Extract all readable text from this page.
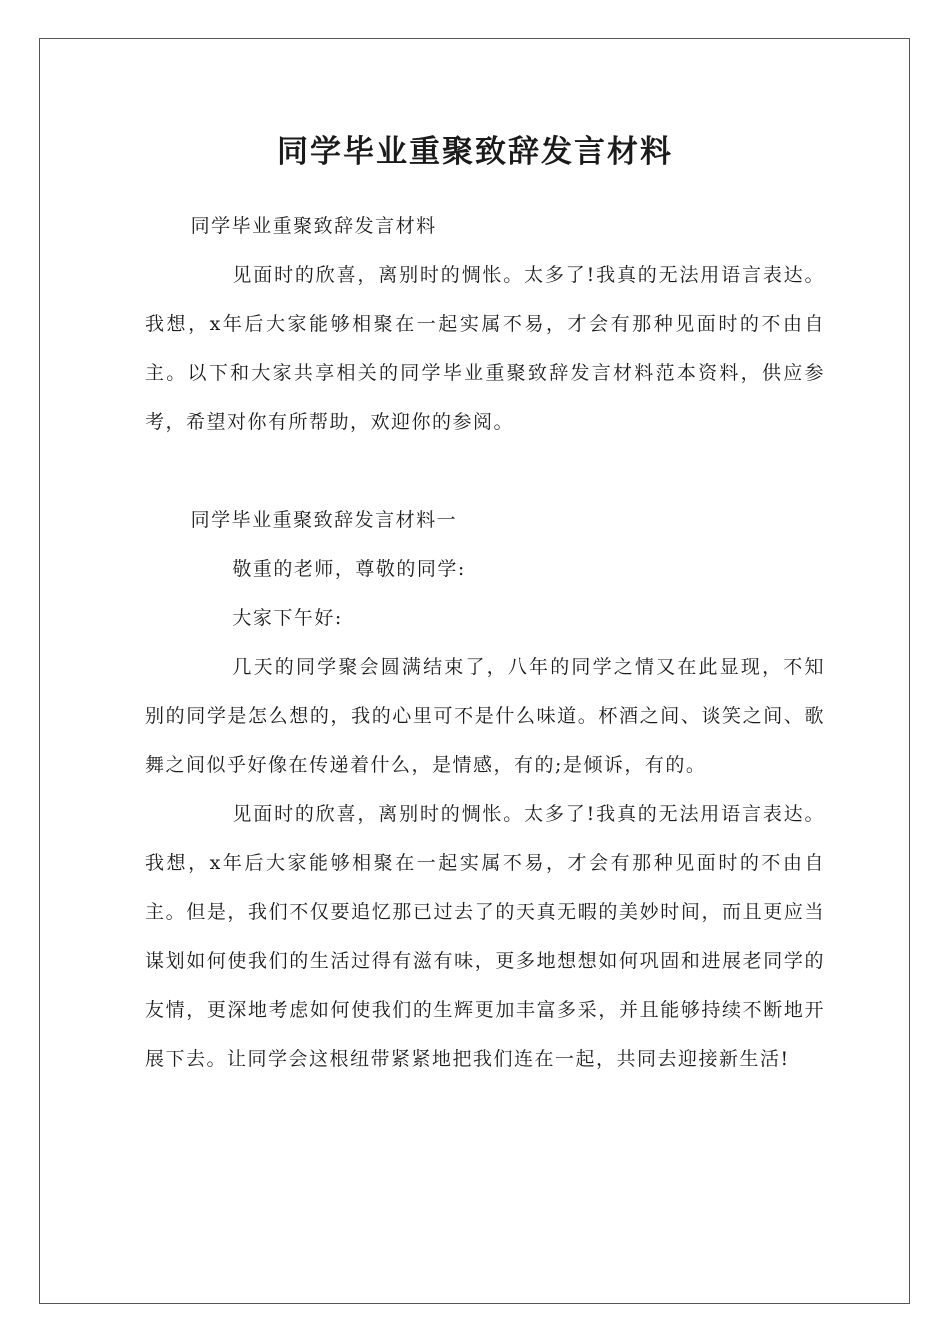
同学毕业重聚致辞发言材料

同学毕业重聚致辞发言材料

见面时的欣喜，离别时的惆怅。太多了!我真的无法用语言表达。我想，x年后大家能够相聚在一起实属不易，才会有那种见面时的不由自主。以下和大家共享相关的同学毕业重聚致辞发言材料范本资料，供应参考，希望对你有所帮助，欢迎你的参阅。

同学毕业重聚致辞发言材料一

敬重的老师，尊敬的同学:

大家下午好:

几天的同学聚会圆满结束了，八年的同学之情又在此显现，不知别的同学是怎么想的，我的心里可不是什么味道。杯酒之间、谈笑之间、歌舞之间似乎好像在传递着什么，是情感，有的;是倾诉，有的。

见面时的欣喜，离别时的惆怅。太多了!我真的无法用语言表达。我想，x年后大家能够相聚在一起实属不易，才会有那种见面时的不由自主。但是，我们不仅要追忆那已过去了的天真无暇的美妙时间，而且更应当谋划如何使我们的生活过得有滋有味，更多地想想如何巩固和进展老同学的友情，更深地考虑如何使我们的生辉更加丰富多采，并且能够持续不断地开展下去。让同学会这根纽带紧紧地把我们连在一起，共同去迎接新生活!
